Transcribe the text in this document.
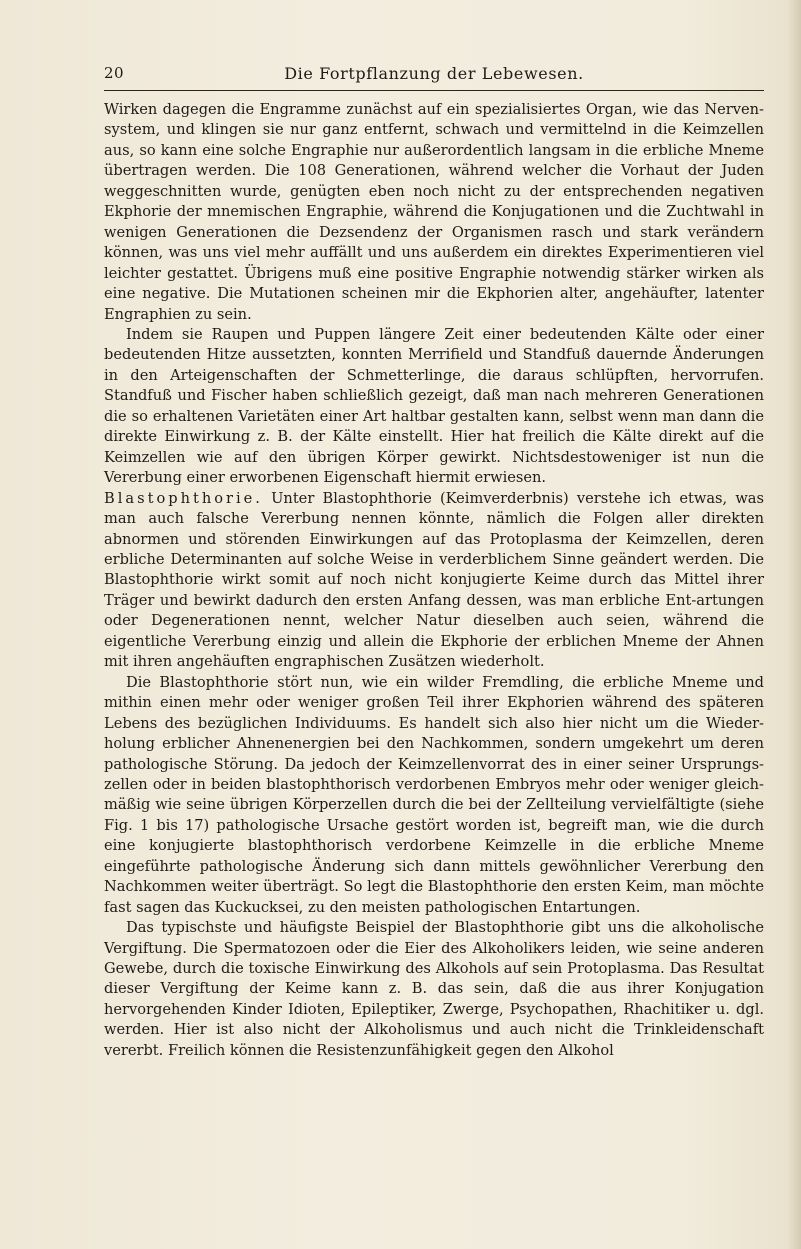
20	Die Fortpflanzung der Lebewesen.

Wirken dagegen die Engramme zunächst auf ein spezialisiertes Organ, wie das Nerven-system, und klingen sie nur ganz entfernt, schwach und vermittelnd in die Keimzellen aus, so kann eine solche Engraphie nur außerordentlich langsam in die erbliche Mneme übertragen werden. Die 108 Generationen, während welcher die Vorhaut der Juden weggeschnitten wurde, genügten eben noch nicht zu der entsprechenden negativen Ekphorie der mnemischen Engraphie, während die Konjugationen und die Zuchtwahl in wenigen Generationen die Dezsendenz der Organismen rasch und stark verändern können, was uns viel mehr auffällt und uns außerdem ein direktes Experimentieren viel leichter gestattet. Übrigens muß eine positive Engraphie notwendig stärker wirken als eine negative. Die Mutationen scheinen mir die Ekphorien alter, angehäufter, latenter Engraphien zu sein.

Indem sie Raupen und Puppen längere Zeit einer bedeutenden Kälte oder einer bedeutenden Hitze aussetzten, konnten Merrifield und Standfuß dauernde Änderungen in den Arteigenschaften der Schmetterlinge, die daraus schlüpften, hervorrufen. Standfuß und Fischer haben schließlich gezeigt, daß man nach mehreren Generationen die so erhaltenen Varietäten einer Art haltbar gestalten kann, selbst wenn man dann die direkte Einwirkung z. B. der Kälte einstellt. Hier hat freilich die Kälte direkt auf die Keimzellen wie auf den übrigen Körper gewirkt. Nichtsdestoweniger ist nun die Vererbung einer erworbenen Eigenschaft hiermit erwiesen.

Blastophthorie. Unter Blastophthorie (Keimverderbnis) verstehe ich etwas, was man auch falsche Vererbung nennen könnte, nämlich die Folgen aller direkten abnormen und störenden Einwirkungen auf das Protoplasma der Keimzellen, deren erbliche Determinanten auf solche Weise in verderblichem Sinne geändert werden. Die Blastophthorie wirkt somit auf noch nicht konjugierte Keime durch das Mittel ihrer Träger und bewirkt dadurch den ersten Anfang dessen, was man erbliche Ent-artungen oder Degenerationen nennt, welcher Natur dieselben auch seien, während die eigentliche Vererbung einzig und allein die Ekphorie der erblichen Mneme der Ahnen mit ihren angehäuften engraphischen Zusätzen wiederholt.

Die Blastophthorie stört nun, wie ein wilder Fremdling, die erbliche Mneme und mithin einen mehr oder weniger großen Teil ihrer Ekphorien während des späteren Lebens des bezüglichen Individuums. Es handelt sich also hier nicht um die Wieder-holung erblicher Ahnenenergien bei den Nachkommen, sondern umgekehrt um deren pathologische Störung. Da jedoch der Keimzellenvorrat des in einer seiner Ursprungs-zellen oder in beiden blastophthorisch verdorbenen Embryos mehr oder weniger gleich-mäßig wie seine übrigen Körperzellen durch die bei der Zellteilung vervielfältigte (siehe Fig. 1 bis 17) pathologische Ursache gestört worden ist, begreift man, wie die durch eine konjugierte blastophthorisch verdorbene Keimzelle in die erbliche Mneme eingeführte pathologische Änderung sich dann mittels gewöhnlicher Vererbung den Nachkommen weiter überträgt. So legt die Blastophthorie den ersten Keim, man möchte fast sagen das Kuckucksei, zu den meisten pathologischen Entartungen.

Das typischste und häufigste Beispiel der Blastophthorie gibt uns die alkoholische Vergiftung. Die Spermatozoen oder die Eier des Alkoholikers leiden, wie seine anderen Gewebe, durch die toxische Einwirkung des Alkohols auf sein Protoplasma. Das Resultat dieser Vergiftung der Keime kann z. B. das sein, daß die aus ihrer Konjugation hervorgehenden Kinder Idioten, Epileptiker, Zwerge, Psychopathen, Rhachitiker u. dgl. werden. Hier ist also nicht der Alkoholismus und auch nicht die Trinkleidenschaft vererbt. Freilich können die Resistenzunfähigkeit gegen den Alkohol
